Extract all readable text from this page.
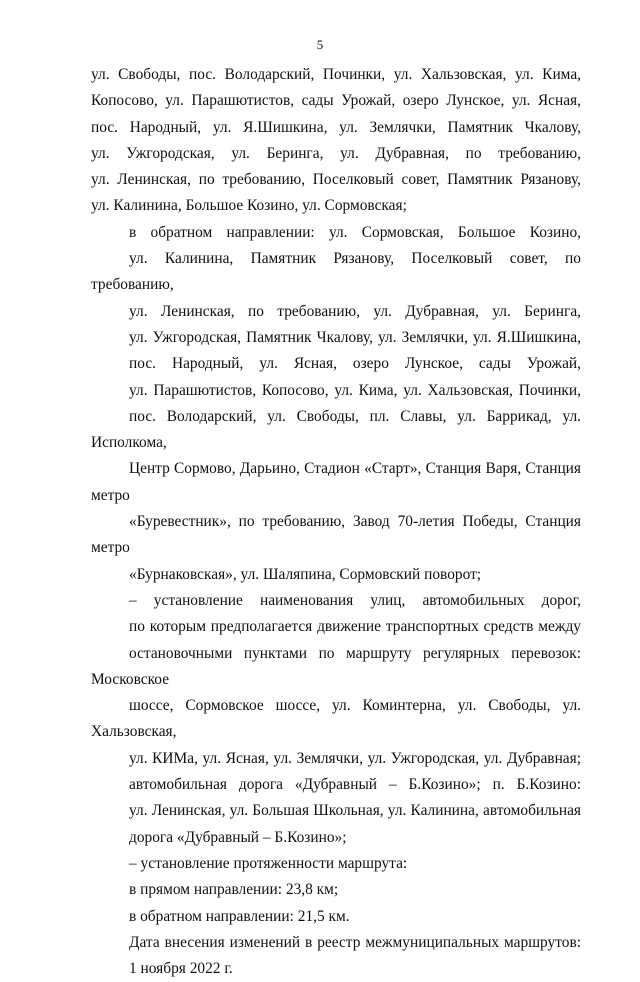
5

ул. Свободы, пос. Володарский, Починки, ул. Хальзовская, ул. Кима,
Копосово, ул. Парашютистов, сады Урожай, озеро Лунское, ул. Ясная,
пос. Народный, ул. Я.Шишкина, ул. Землячки, Памятник Чкалову,
ул. Ужгородская, ул. Беринга, ул. Дубравная, по требованию,
ул. Ленинская, по требованию, Поселковый совет, Памятник Рязанову,
ул. Калинина, Большое Козино, ул. Сормовская;

в обратном направлении: ул. Сормовская, Большое Козино,
ул. Калинина, Памятник Рязанову, Поселковый совет, по требованию,
ул. Ленинская, по требованию, ул. Дубравная, ул. Беринга,
ул. Ужгородская, Памятник Чкалову, ул. Землячки, ул. Я.Шишкина,
пос. Народный, ул. Ясная, озеро Лунское, сады Урожай,
ул. Парашютистов, Копосово, ул. Кима, ул. Хальзовская, Починки,
пос. Володарский, ул. Свободы, пл. Славы, ул. Баррикад, ул. Исполкома,
Центр Сормово, Дарьино, Стадион «Старт», Станция Варя, Станция метро
«Буревестник», по требованию, Завод 70-летия Победы, Станция метро
«Бурнаковская», ул. Шаляпина, Сормовский поворот;

– установление наименования улиц, автомобильных дорог,
по которым предполагается движение транспортных средств между
остановочными пунктами по маршруту регулярных перевозок: Московское
шоссе, Сормовское шоссе, ул. Коминтерна, ул. Свободы, ул. Хальзовская,
ул. КИМа, ул. Ясная, ул. Землячки, ул. Ужгородская, ул. Дубравная;
автомобильная дорога «Дубравный – Б.Козино»; п. Б.Козино:
ул. Ленинская, ул. Большая Школьная, ул. Калинина, автомобильная
дорога «Дубравный – Б.Козино»;

– установление протяженности маршрута:

в прямом направлении: 23,8 км;

в обратном направлении: 21,5 км.

Дата внесения изменений в реестр межмуниципальных маршрутов:
1 ноября 2022 г.
